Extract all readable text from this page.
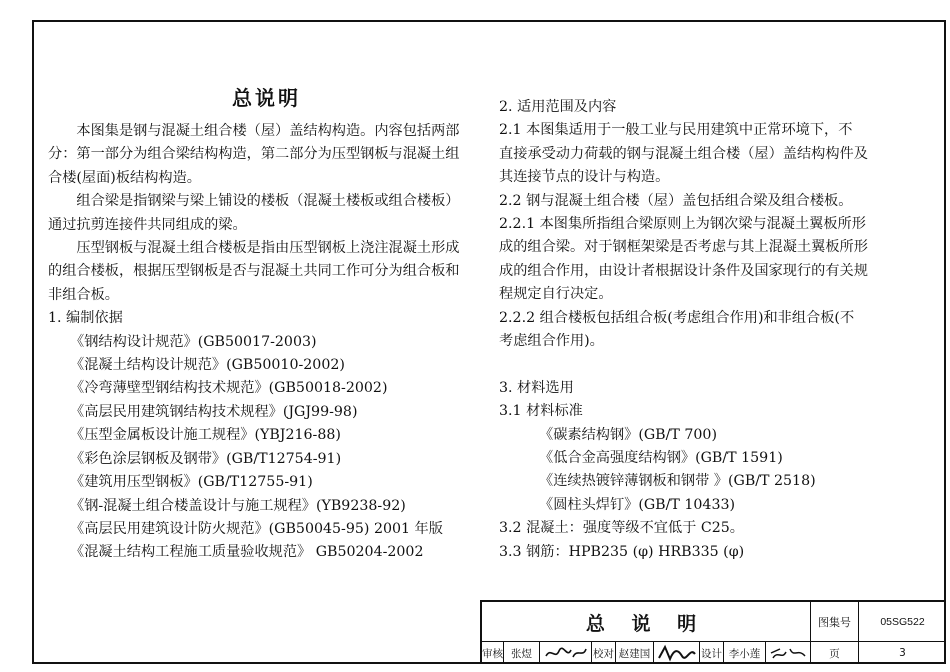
总说明
本图集是钢与混凝土组合楼（屋）盖结构构造。内容包括两部分：第一部分为组合梁结构构造，第二部分为压型钢板与混凝土组合楼(屋面)板结构构造。
组合梁是指钢梁与梁上铺设的楼板（混凝土楼板或组合楼板）通过抗剪连接件共同组成的梁。
压型钢板与混凝土组合楼板是指由压型钢板上浇注混凝土形成的组合楼板，根据压型钢板是否与混凝土共同工作可分为组合板和非组合板。
1. 编制依据
《钢结构设计规范》(GB50017-2003)
《混凝土结构设计规范》(GB50010-2002)
《冷弯薄壁型钢结构技术规范》(GB50018-2002)
《高层民用建筑钢结构技术规程》(JGJ99-98)
《压型金属板设计施工规程》(YBJ216-88)
《彩色涂层钢板及钢带》(GB/T12754-91)
《建筑用压型钢板》(GB/T12755-91)
《钢-混凝土组合楼盖设计与施工规程》(YB9238-92)
《高层民用建筑设计防火规范》(GB50045-95) 2001 年版
《混凝土结构工程施工质量验收规范》 GB50204-2002
2. 适用范围及内容
2.1 本图集适用于一般工业与民用建筑中正常环境下，不
直接承受动力荷载的钢与混凝土组合楼（屋）盖结构构件及
其连接节点的设计与构造。
2.2 钢与混凝土组合楼（屋）盖包括组合梁及组合楼板。
2.2.1 本图集所指组合梁原则上为钢次梁与混凝土翼板所形
成的组合梁。对于钢框架梁是否考虑与其上混凝土翼板所形
成的组合作用，由设计者根据设计条件及国家现行的有关规
程规定自行决定。
2.2.2 组合楼板包括组合板(考虑组合作用)和非组合板(不
考虑组合作用)。
3. 材料选用
3.1 材料标准
《碳素结构钢》(GB/T 700)
《低合金高强度结构钢》(GB/T 1591)
《连续热镀锌薄钢板和钢带 》(GB/T 2518)
《圆柱头焊钉》(GB/T 10433)
3.2 混凝土：强度等级不宜低于 C25。
3.3 钢筋：HPB235 (φ) HRB335 (φ)
总 说 明	图集号	05SG522
审核 张煜	校对 赵建国	设计 李小莲	页	3
